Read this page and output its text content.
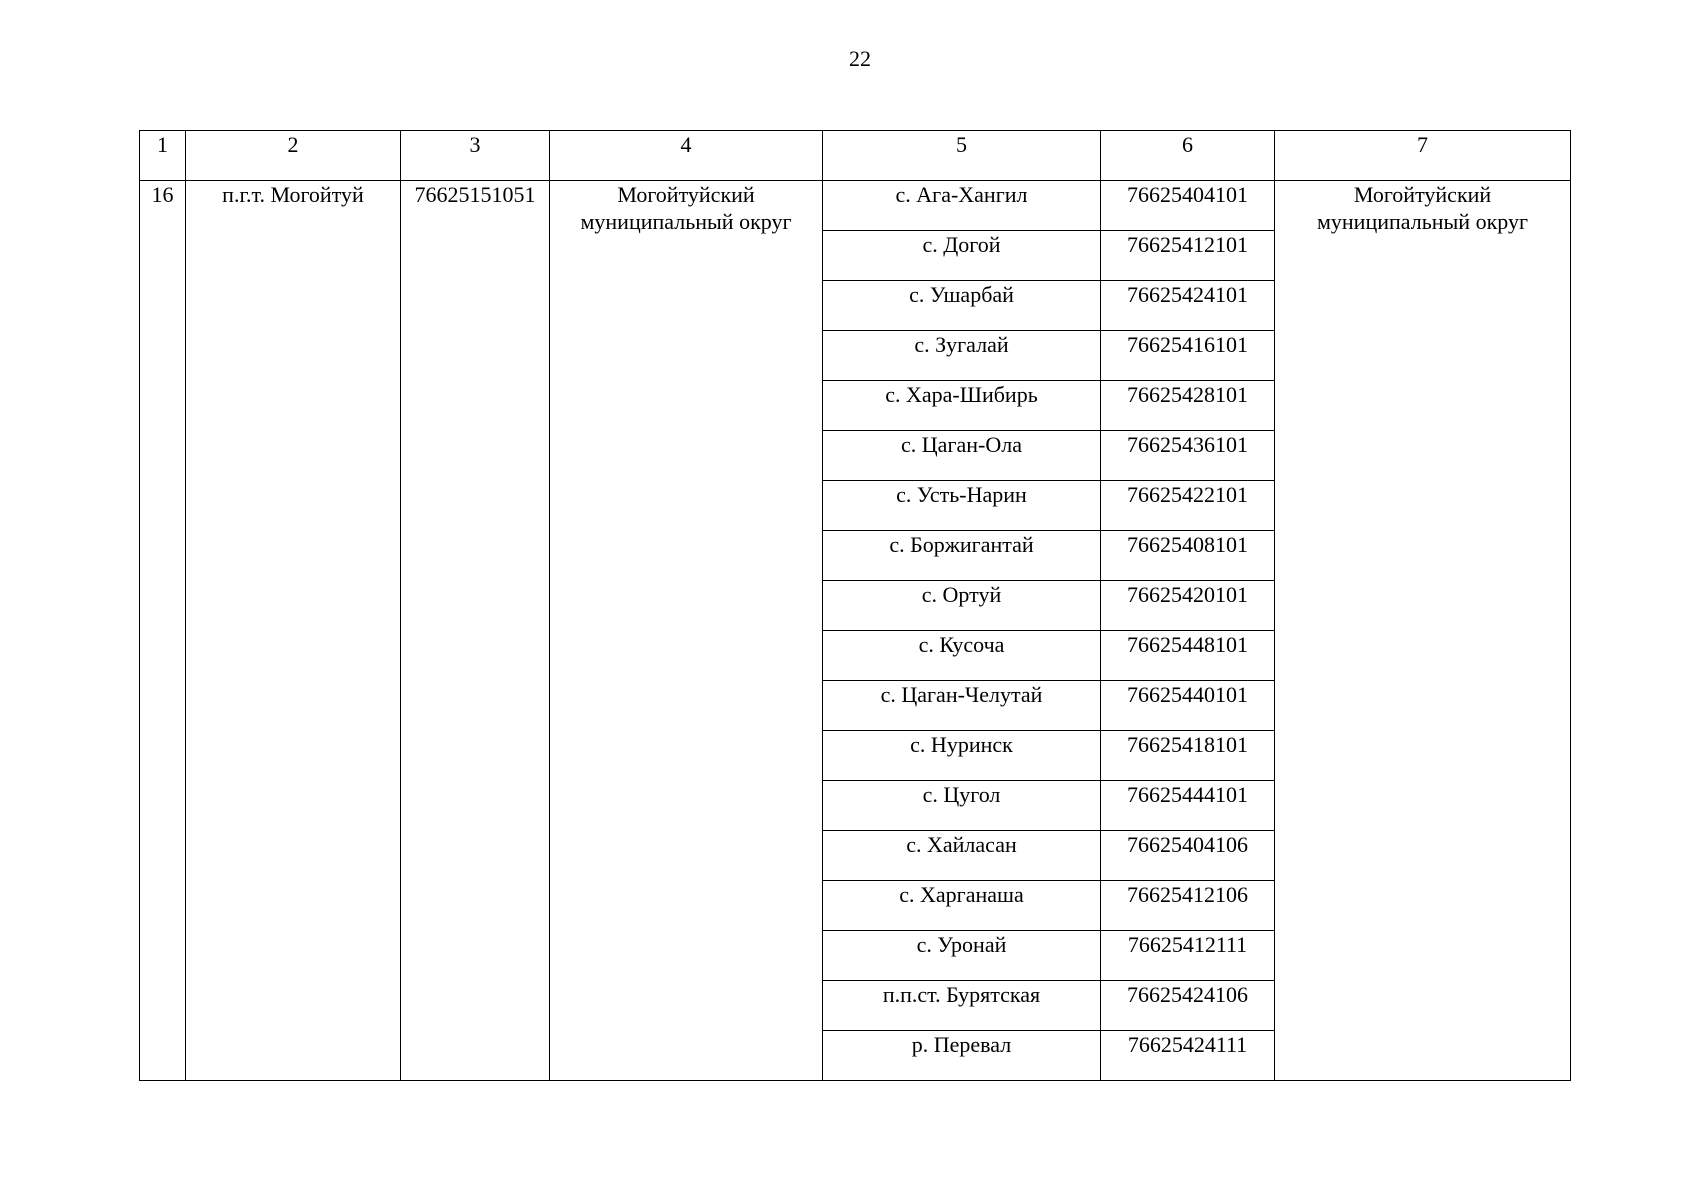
22
1	2	3	4	5	6	7
16	п.г.т. Могойтуй	76625151051	Могойтуйский муниципальный округ	с. Ага-Хангил	76625404101	Могойтуйский муниципальный округ
				с. Догой	76625412101	
				с. Ушарбай	76625424101	
				с. Зугалай	76625416101	
				с. Хара-Шибирь	76625428101	
				с. Цаган-Ола	76625436101	
				с. Усть-Нарин	76625422101	
				с. Боржигантай	76625408101	
				с. Ортуй	76625420101	
				с. Кусоча	76625448101	
				с. Цаган-Челутай	76625440101	
				с. Нуринск	76625418101	
				с. Цугол	76625444101	
				с. Хайласан	76625404106	
				с. Харганаша	76625412106	
				с. Уронай	76625412111	
				п.п.ст. Бурятская	76625424106	
				р. Перевал	76625424111	
